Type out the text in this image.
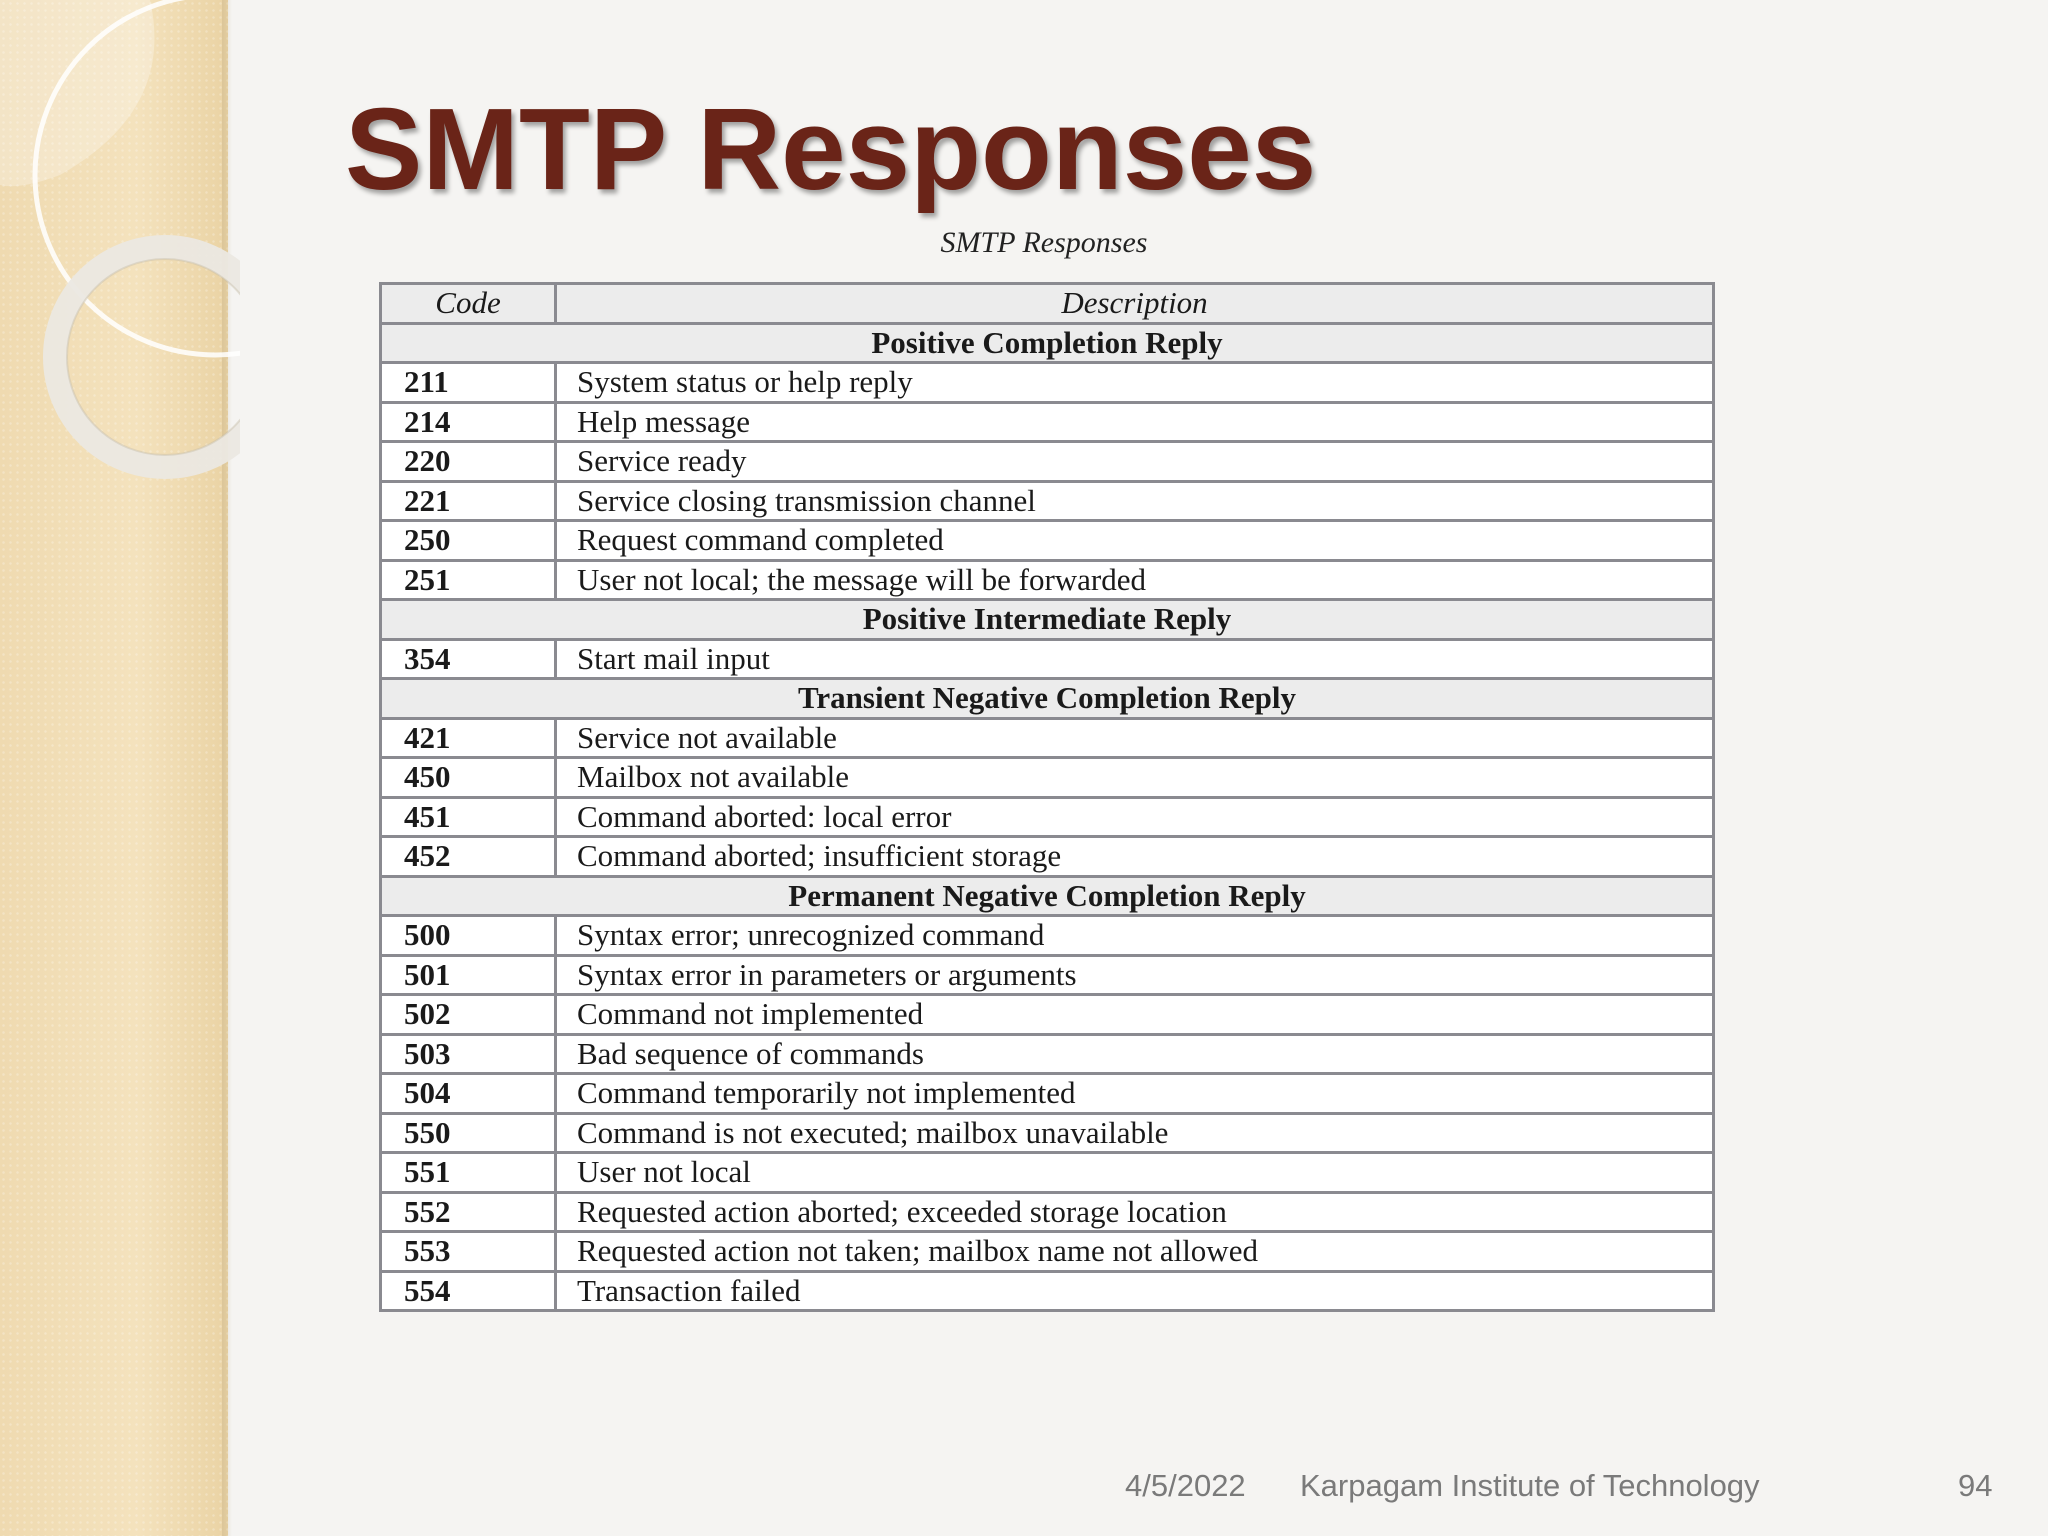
SMTP Responses
SMTP Responses
Code	Description
Positive Completion Reply	
211	System status or help reply
214	Help message
220	Service ready
221	Service closing transmission channel
250	Request command completed
251	User not local; the message will be forwarded
Positive Intermediate Reply	
354	Start mail input
Transient Negative Completion Reply	
421	Service not available
450	Mailbox not available
451	Command aborted: local error
452	Command aborted; insufficient storage
Permanent Negative Completion Reply	
500	Syntax error; unrecognized command
501	Syntax error in parameters or arguments
502	Command not implemented
503	Bad sequence of commands
504	Command temporarily not implemented
550	Command is not executed; mailbox unavailable
551	User not local
552	Requested action aborted; exceeded storage location
553	Requested action not taken; mailbox name not allowed
554	Transaction failed
4/5/2022 Karpagam Institute of Technology	94
